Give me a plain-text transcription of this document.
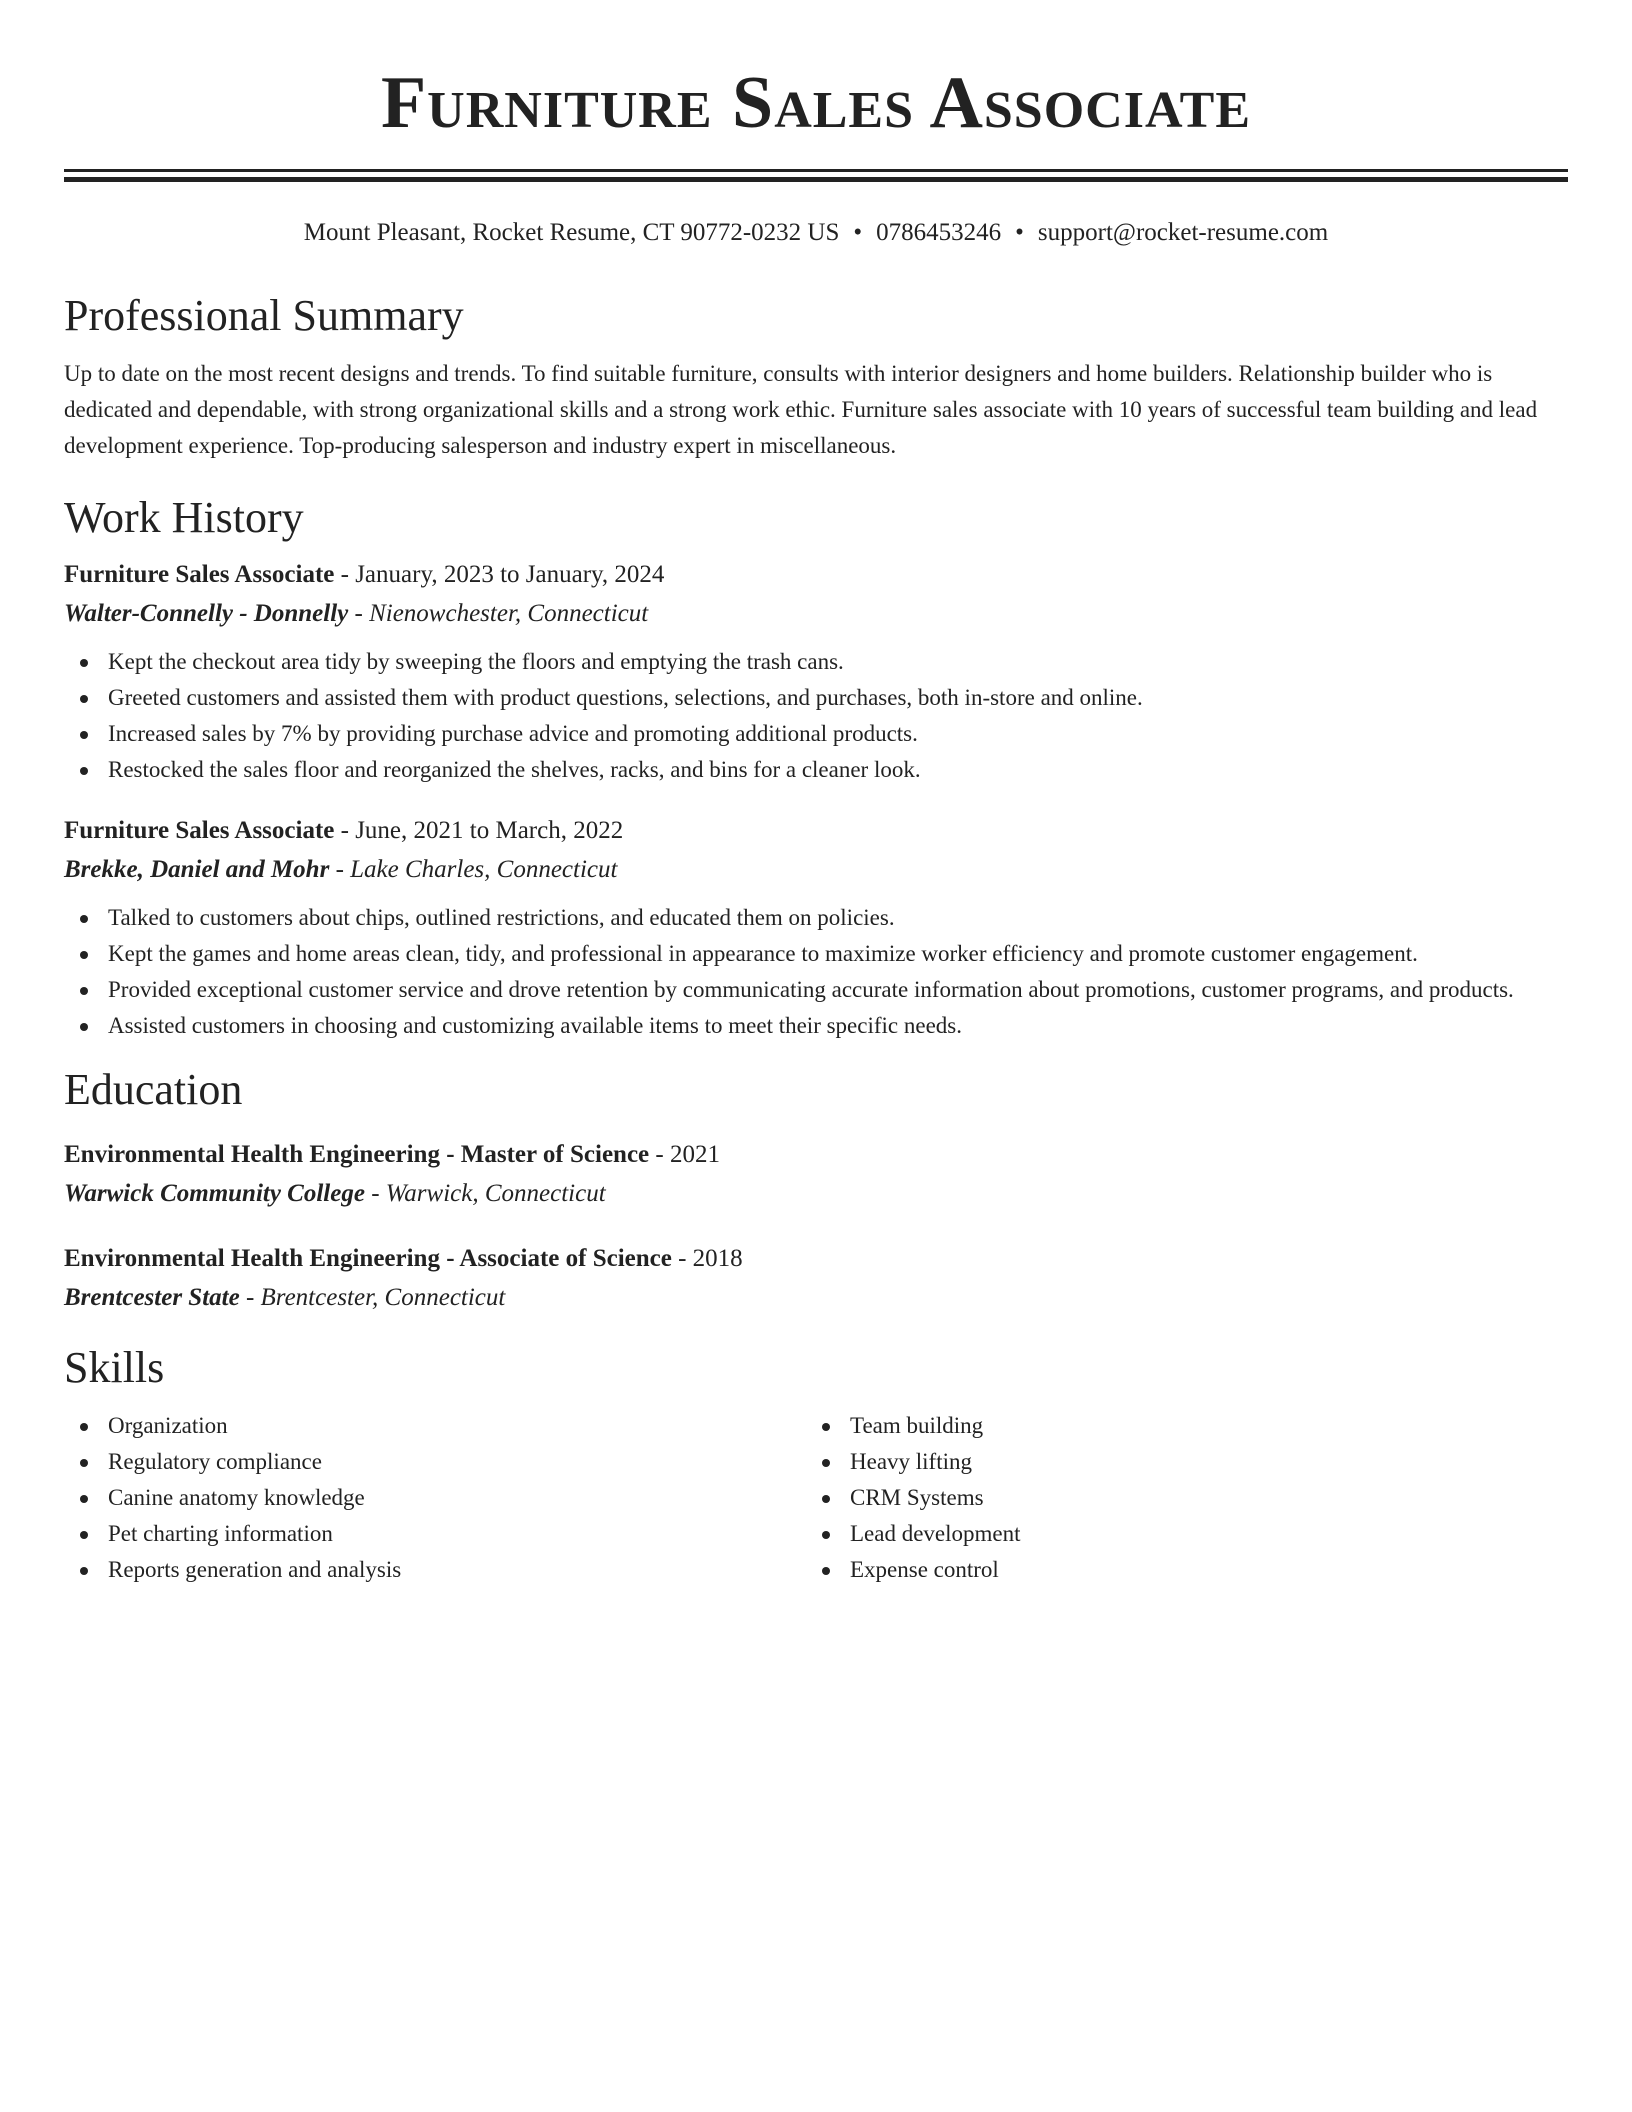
Furniture Sales Associate
Mount Pleasant, Rocket Resume, CT 90772-0232 US • 0786453246 • support@rocket-resume.com
Professional Summary

Up to date on the most recent designs and trends. To find suitable furniture, consults with interior designers and home builders. Relationship builder who is dedicated and dependable, with strong organizational skills and a strong work ethic. Furniture sales associate with 10 years of successful team building and lead development experience. Top-producing salesperson and industry expert in miscellaneous.

Work History
Furniture Sales Associate - January, 2023 to January, 2024
Walter-Connelly - Donnelly - Nienowchester, Connecticut
Kept the checkout area tidy by sweeping the floors and emptying the trash cans.
Greeted customers and assisted them with product questions, selections, and purchases, both in-store and online.
Increased sales by 7% by providing purchase advice and promoting additional products.
Restocked the sales floor and reorganized the shelves, racks, and bins for a cleaner look.
Furniture Sales Associate - June, 2021 to March, 2022
Brekke, Daniel and Mohr - Lake Charles, Connecticut
Talked to customers about chips, outlined restrictions, and educated them on policies.
Kept the games and home areas clean, tidy, and professional in appearance to maximize worker efficiency and promote customer engagement.
Provided exceptional customer service and drove retention by communicating accurate information about promotions, customer programs, and products.
Assisted customers in choosing and customizing available items to meet their specific needs.
Education
Environmental Health Engineering - Master of Science - 2021
Warwick Community College - Warwick, Connecticut
Environmental Health Engineering - Associate of Science - 2018
Brentcester State - Brentcester, Connecticut
Skills
Organization
Regulatory compliance
Canine anatomy knowledge
Pet charting information
Reports generation and analysis
Team building
Heavy lifting
CRM Systems
Lead development
Expense control
